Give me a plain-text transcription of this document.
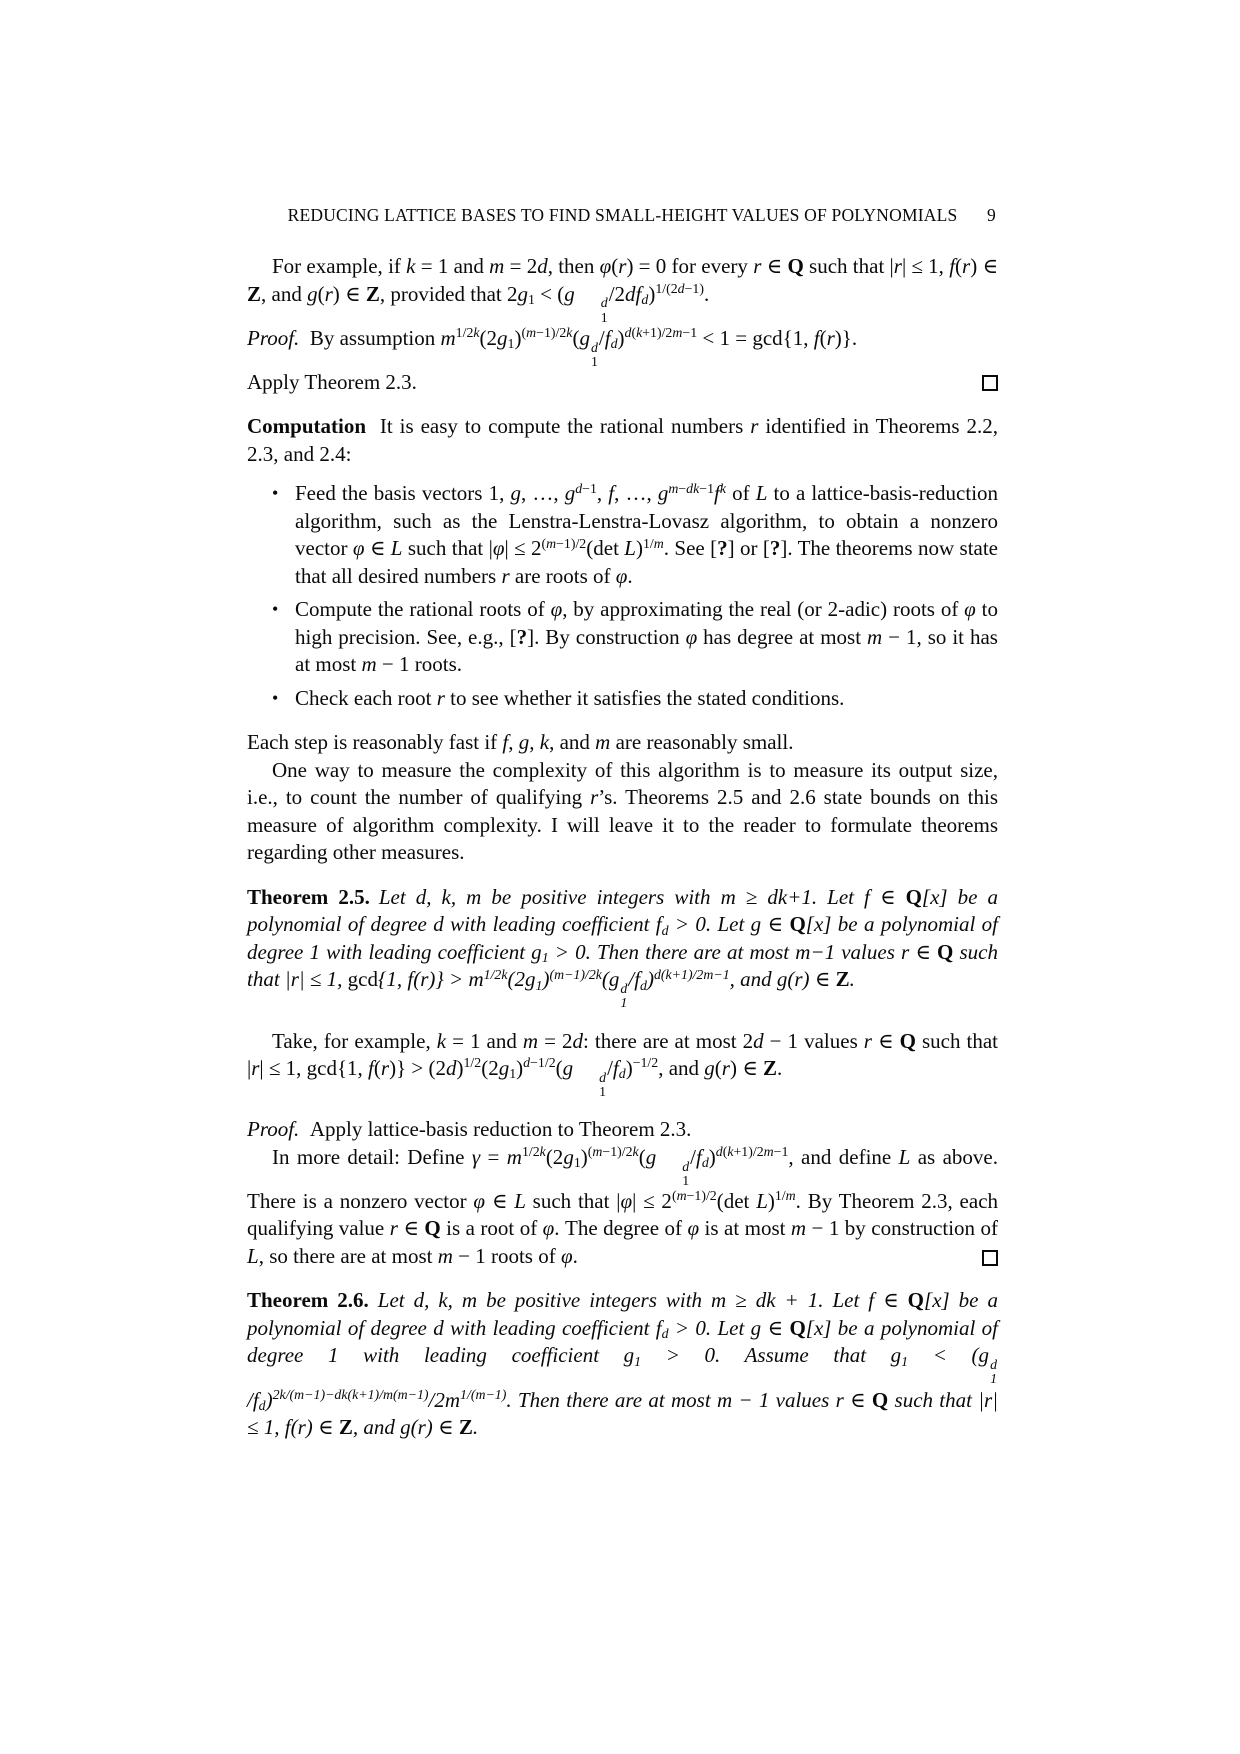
REDUCING LATTICE BASES TO FIND SMALL-HEIGHT VALUES OF POLYNOMIALS 9

For example, if k = 1 and m = 2d, then φ(r) = 0 for every r ∈ Q such that |r| ≤ 1, f(r) ∈ Z, and g(r) ∈ Z, provided that $2g_1 < (g$	d
1
$/2df_d)^{1/(2d-1)}$.

Proof.  By assumption $m^{1/2k}(2g_1)^{(m-1)/2k}(g$ d
1
$/f_d)^{d(k+1)/2m-1} < 1 = \gcd\{1$, f(r)}.
Apply Theorem 2.3.

Computation  It is easy to compute the rational numbers r identified in Theorems 2.2, 2.3, and 2.4:

• Feed the basis vectors 1, g, …, $g^{d-1}$, f, …, $g^{m-dk-1}f^k$ of L to a lattice-basis-reduction algorithm, such as the Lenstra-Lenstra-Lovasz algorithm, to obtain a nonzero vector φ ∈ L such that $|\varphi| \le 2^{(m-1)/2}(\det$ L)$^{1/m}$. See [?] or [?]. The theorems now state that all desired numbers r are roots of φ.
• Compute the rational roots of φ, by approximating the real (or 2-adic) roots of φ to high precision. See, e.g., [?]. By construction φ has degree at most m − 1, so it has at most m − 1 roots.
• Check each root r to see whether it satisfies the stated conditions.
Each step is reasonably fast if f, g, k, and m are reasonably small.
One way to measure the complexity of this algorithm is to measure its output size, i.e., to count the number of qualifying r’s. Theorems 2.5 and 2.6 state bounds on this measure of algorithm complexity. I will leave it to the reader to formulate theorems regarding other measures.

Theorem 2.5. Let d, k, m be positive integers with m ≥ dk+1. Let f ∈ Q[x] be a polynomial of degree d with leading coefficient $f_d > 0$. Let g ∈ Q[x] be a polynomial of degree 1 with leading coefficient $g_1 > 0$. Then there are at most m−1 values r ∈ Q such that |r| ≤ 1, gcd{1, $f(r)\} > m^{1/2k}(2g_1)^{(m-1)/2k}(g$ d
1
$/f_d)^{d(k+1)/2m-1}$, and g(r) ∈ Z.

Take, for example, k = 1 and m = 2d: there are at most 2d − 1 values r ∈ Q such that |r| ≤ 1, gcd{1, $f(r)\} > (2d)^{1/2}(2g_1)^{d-1/2}(g$	d
1
$/f_d)^{-1/2}$, and g(r) ∈ Z.

Proof.  Apply lattice-basis reduction to Theorem 2.3.
In more detail: Define $\gamma = m^{1/2k}(2g_1)^{(m-1)/2k}(g$	d
1
$/f_d)^{d(k+1)/2m-1}$, and define L as above. There is a nonzero vector φ ∈ L such that $|\varphi| \le 2^{(m-1)/2}(\det$ L)$^{1/m}$. By Theorem 2.3, each qualifying value r ∈ Q is a root of φ. The degree of φ is at most m − 1 by construction of L, so there are at most m − 1 roots of φ.

Theorem 2.6. Let d, k, m be positive integers with m ≥ dk + 1. Let f ∈ Q[x] be a polynomial of degree d with leading coefficient $f_d > 0$. Let g ∈ Q[x] be a polynomial of degree 1 with leading coefficient $g_1 > 0$. Assume that $g_1 < (g$ d
1
$/f_d)^{2k/(m-1)-dk(k+1)/m(m-1)}/2m^{1/(m-1)}$. Then there are at most m − 1 values r ∈ Q such that |r| ≤ 1, f(r) ∈ Z, and g(r) ∈ Z.
